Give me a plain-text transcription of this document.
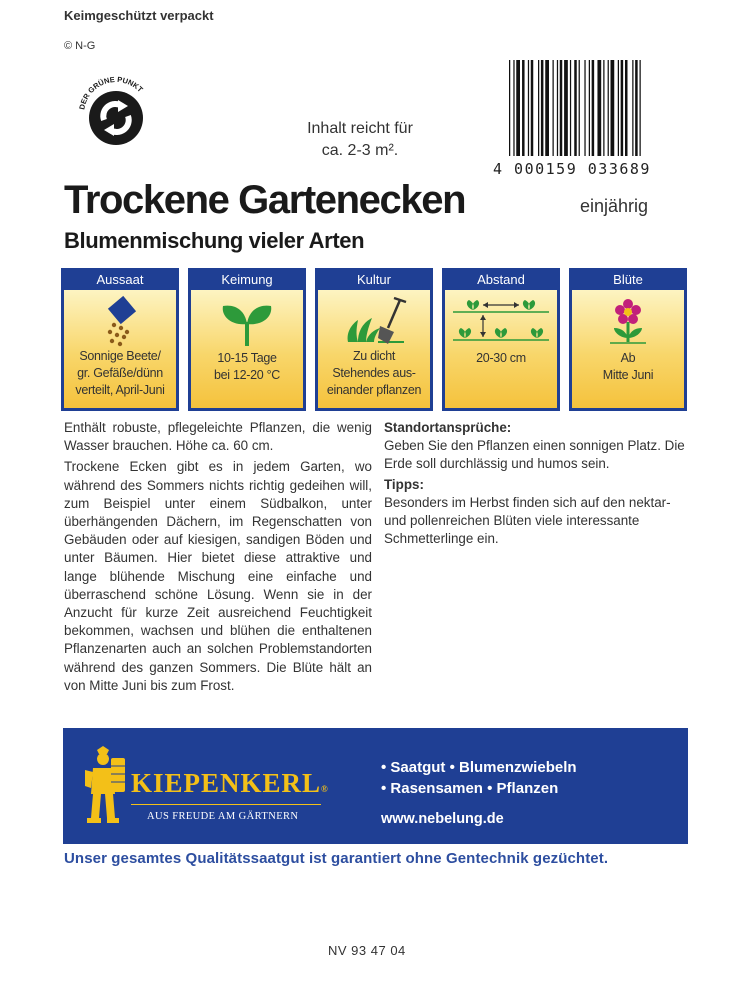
Keimgeschützt verpackt
© N-G
DER GRÜNE PUNKT
Inhalt reicht für
ca. 2-3 m².
4 000159 033689
Trockene Gartenecken	einjährig
Blumenmischung vieler Arten
Aussaat
Sonnige Beete/
gr. Gefäße/dünn
verteilt, April-Juni
Keimung
10-15 Tage
bei 12-20 °C
Kultur
Zu dicht
Stehendes aus-
einander pflanzen
Abstand
20-30 cm
Blüte
Ab
Mitte Juni

Enthält robuste, pflegeleichte Pflanzen, die wenig Wasser brauchen. Höhe ca. 60 cm.

Trockene Ecken gibt es in jedem Garten, wo während des Sommers nichts richtig gedeihen will, zum Beispiel unter einem Südbalkon, unter überhängenden Dächern, im Regenschatten von Gebäuden oder auf kiesigen, sandigen Böden und unter Bäumen. Hier bietet diese attraktive und lange blühende Mischung eine einfache und überraschend schöne Lösung. Wenn sie in der Anzucht für kurze Zeit ausreichend Feuchtigkeit bekommen, wachsen und blühen die enthaltenen Pflanzenarten auch an solchen Problemstandorten während des ganzen Sommers. Die Blüte hält an von Mitte Juni bis zum Frost.

Standortansprüche:

Geben Sie den Pflanzen einen sonnigen Platz. Die Erde soll durchlässig und humos sein.

Tipps:

Besonders im Herbst finden sich auf den nektar- und pollenreichen Blüten viele interessante Schmetterlinge ein.

KIEPENKERL®
AUS FREUDE AM GÄRTNERN
• Saatgut • Blumenzwiebeln
• Rasensamen • Pflanzen
www.nebelung.de
Unser gesamtes Qualitätssaatgut ist garantiert ohne Gentechnik gezüchtet.
NV 93 47 04
